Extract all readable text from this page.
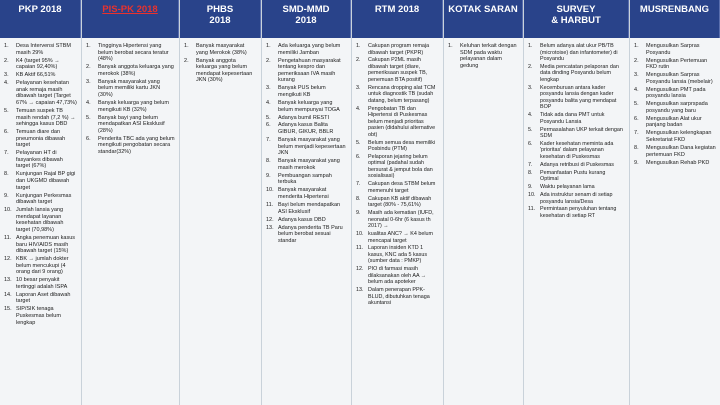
PKP 2018
Desa Intervensi STBM masih 29%
K4 (target 95% → capaian 92,40%)
KB Aktif 66,51%
Pelayanan kesehatan anak remaja masih dibawah target (Target 67% → capaian 47,73%)
Temuan suspek TB masih rendah (7,2 %) → sehingga kasus DBD
Temuan diare dan pneumonia dibawah target
Pelayanan HT di fasyankes dibawah target (67%)
Kunjungan Rajal BP gigi dan UKGMD dibawah target
Kunjungan Perkesmas dibawah target
Jumlah lansia yang mendapat layanan kesehatan dibawah target (70,98%)
Angka penemuan kasus baru HIV/AIDS masih dibawah target (15%)
KBK → jumlah dokter belum mencukupi (4 orang dari 9 orang)
10 besar penyakit tertinggi adalah ISPA
Laporan Aset dibawah target
SIP/SIK tenaga Puskesmas belum lengkap
PIS-PK 2018
Tingginya Hipertensi yang belum berobat secara teratur (48%)
Banyak anggota keluarga yang merokok (38%)
Banyak masyarakat yang belum memiliki kartu JKN (30%)
Banyak keluarga yang belum mengikuti KB (32%)
Banyak bayi yang belum mendapatkan ASI Eksklusif (28%)
Penderita TBC ada yang belum mengikuti pengobatan secara standar(32%)
PHBS
2018
Banyak masyarakat yang Merokok (38%)
Banyak anggota keluarga yang belum mendapat kepesertaan JKN (30%)
SMD-MMD
2018
Ada keluarga yang belum memiliki Jamban
Pengetahuan masyarakat tentang kespro dan pemeriksaan IVA masih kurang
Banyak PUS belum mengikuti KB
Banyak keluarga yang belum mempunyai TOGA
Adanya bumil RESTI
Adanya kasus Balita GIBUR, GIKUR, BBLR
Banyak masyarakat yang belum menjadi kepesertaan JKN
Banyak masyarakat yang masih merokok
Pembuangan sampah terbuka
Banyak masyarakat menderita Hipertensi
Bayi belum mendapatkan ASI Eksklusif
Adanya kasus DBD
Adanya penderita TB Paru belum berobat sesuai standar
RTM 2018
Cakupan program remaja dibawah target (PKPR)
Cakupan P2ML masih dibawah target (diare, pemeriksaan suspek TB, penemuan BTA positif)
Rencana dropping alat TCM untuk diagnostik TB (sudah datang, belum terpasang)
Pengobatan TB dan Hipertensi di Puskesmas belum menjadi prioritas pasien (didahului alternative obt)
Belum semua desa memiliki Posbindu (PTM)
Pelaporan jejaring belum optimal (padahal sudah bersurat & jemput bola dan sosialisasi)
Cakupan desa STBM belum memenuhi target
Cakupan KB aktif dibawah target (80% - 75,61%)
Masih ada kematian (IUFD, neonatal 0-6hr (6 kasus th 2017) →
kualitas ANC? → K4 belum mencapai target
Laporan insiden KTD 1 kasus, KNC ada 5 kasus (sumber data : PMKP)
PIO di farmasi masih dilaksanakan oleh AA → belum ada apoteker
Dalam penerapan PPK-BLUD, dibutuhkan tenaga akuntansi
KOTAK SARAN
Keluhan terkait dengan SDM pada waktu pelayanan dalam gedung
SURVEY
& HARBUT
Belum adanya alat ukur PB/TB (microtoise) dan infantometer) di Posyandu
Media pencatatan pelaporan dan data dinding Posyandu belum lengkap
Kecemburuan antara kader posyandu lansia dengan kader posyandu balita yang mendapat BOP
Tidak ada dana PMT untuk Posyandu Lansia
Permasalahan UKP terkait dengan SDM
Kader kesehatan meminta ada 'prioritas' dalam pelayanan kesehatan di Puskesmas
Adanya retribusi di Puskesmas
Pemanfaatan Pustu kurang Optimal
Waktu pelayanan lama
Ada instruktur senam di setiap posyandu lansia/Desa
Permintaan penyuluhan tentang kesehatan di setiap RT
MUSRENBANG
Mengusulkan Sarpras Posyandu
Mengusulkan Pertemuan FKD rutin
Mengusulkan Sarpras Posyandu lansia (mebelair)
Mengusulkan PMT pada posyandu lansia
Mengusulkan sarprspada posyandu yang baru
Mengusulkan Alat ukur panjang badan
Mengusulkan kelengkapan Sekretariat FKD
Mengusulkan Dana kegiatan pertemuan FKD
Mengusulkan Rehab PKD
